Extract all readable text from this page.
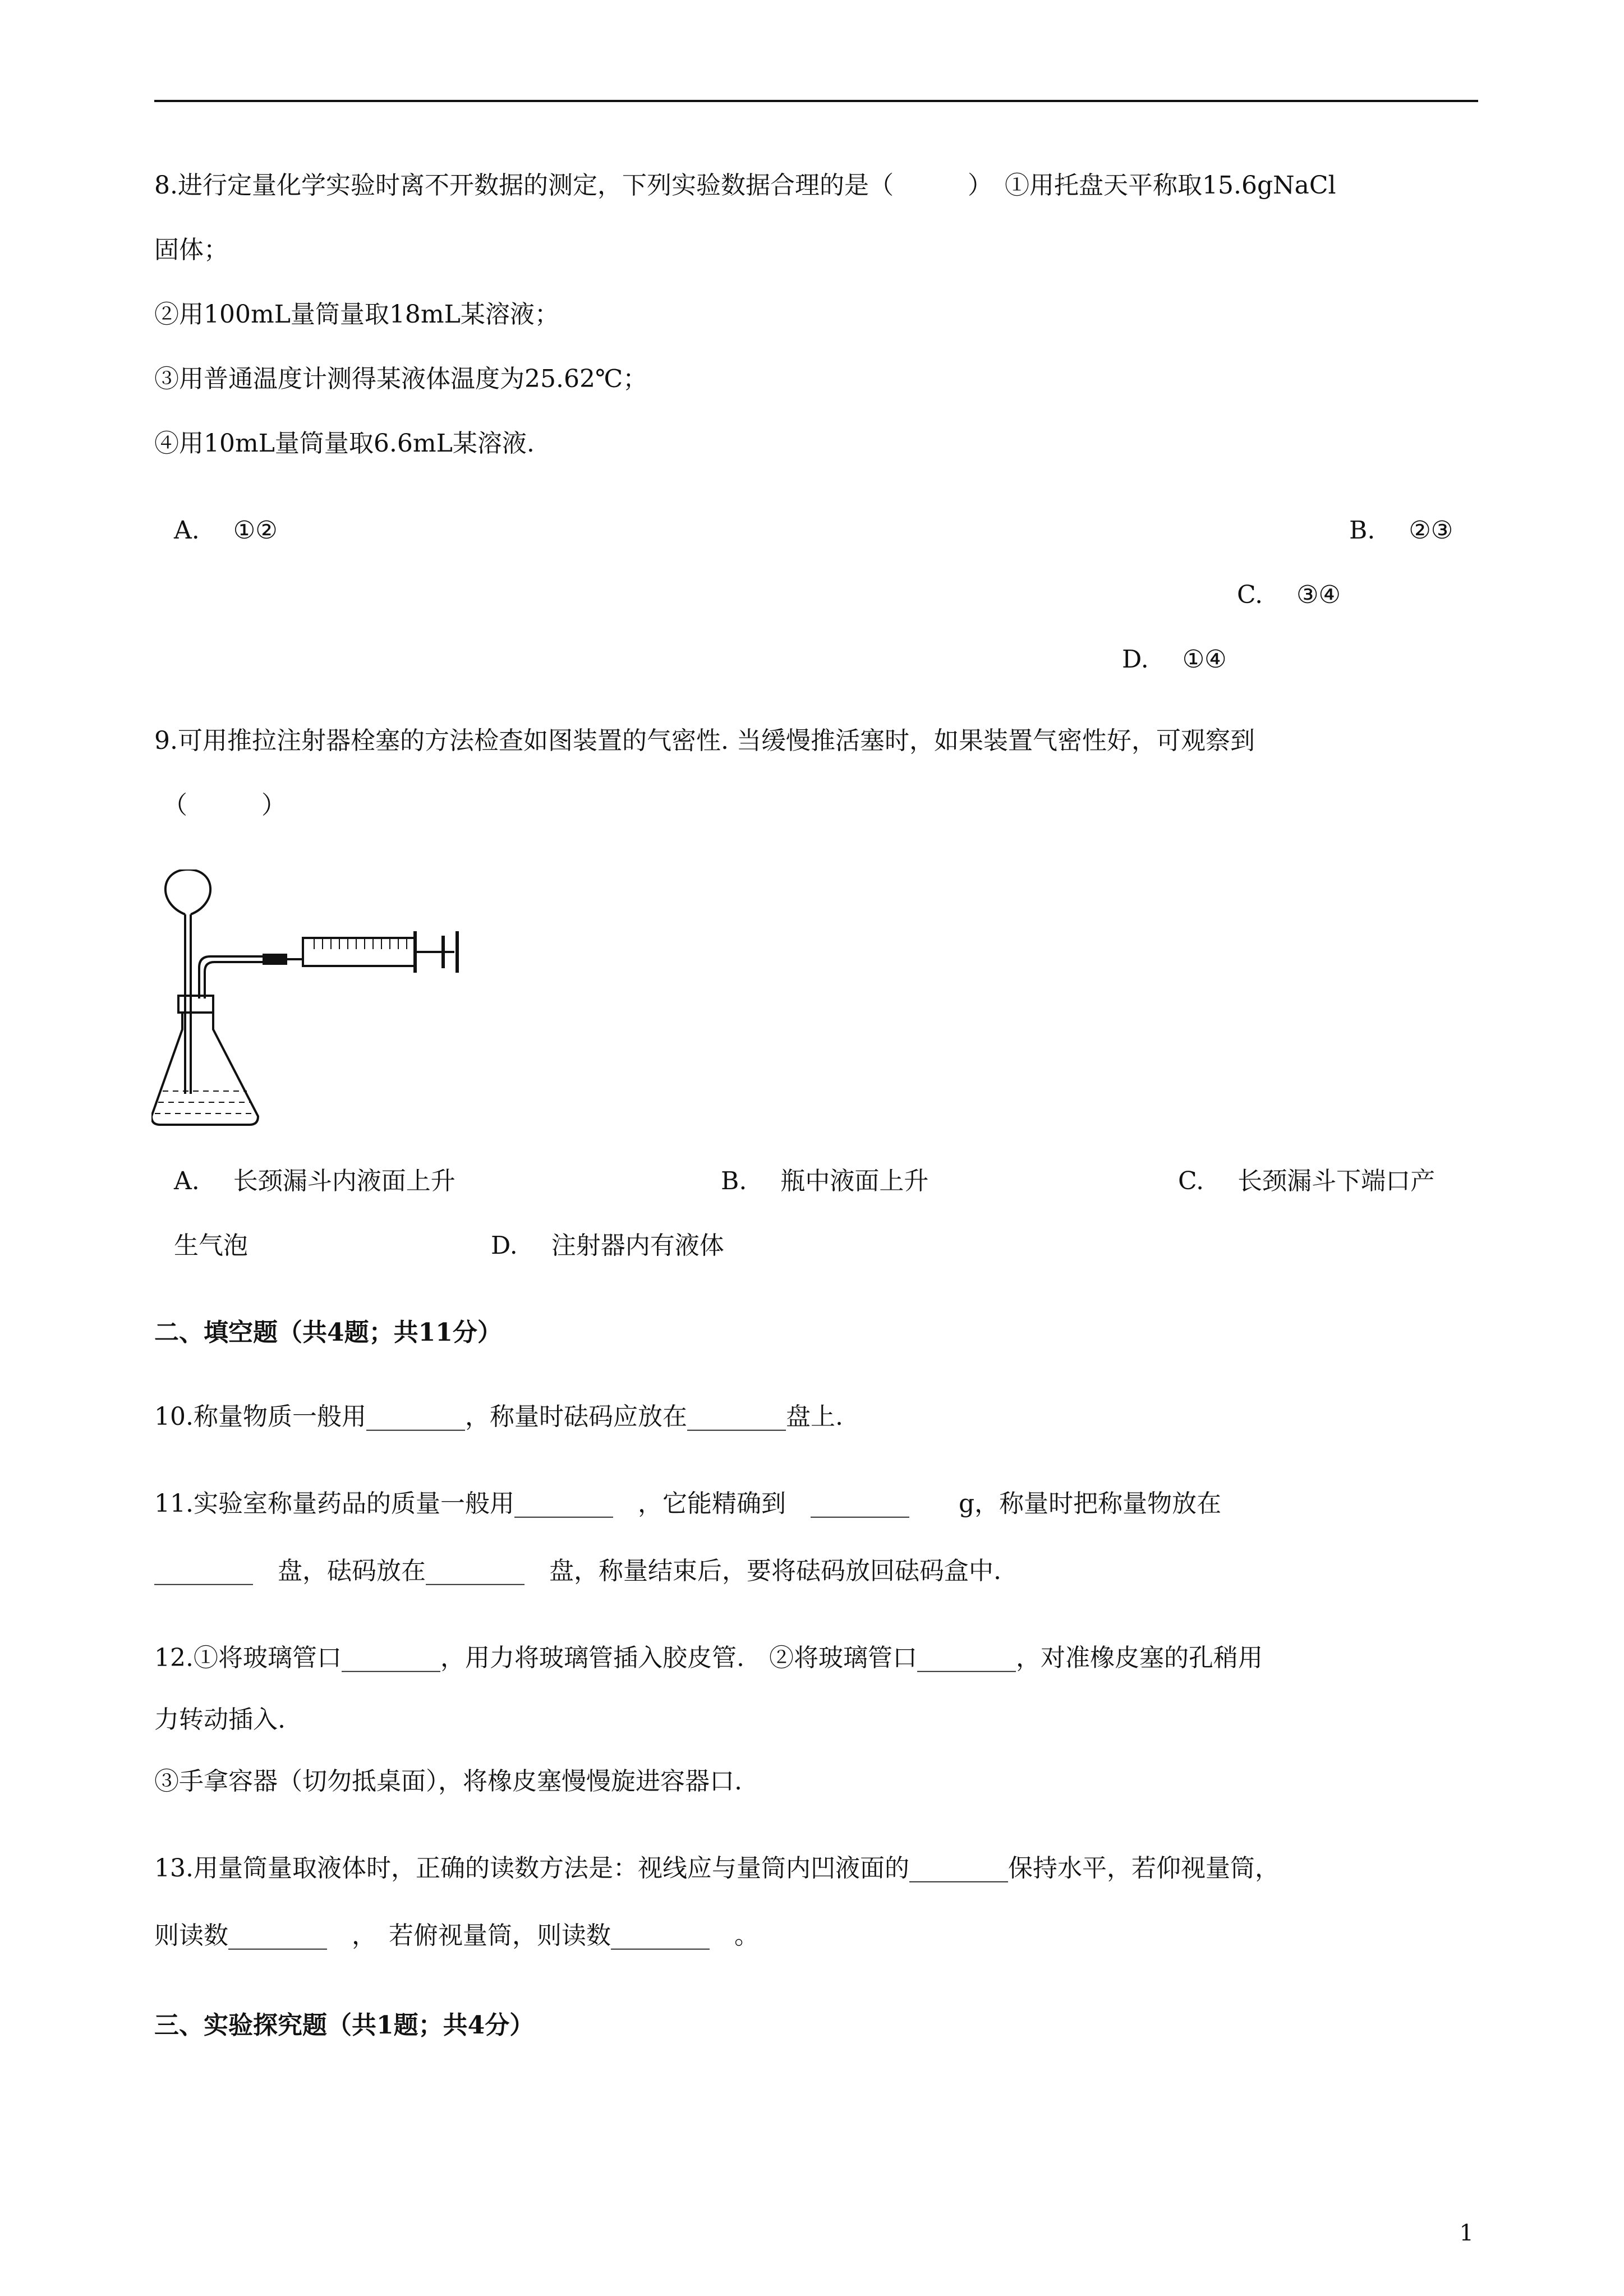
8.进行定量化学实验时离不开数据的测定，下列实验数据合理的是（　　　）　①用托盘天平称取15.6gNaCl
固体；
②用100mL量筒量取18mL某溶液；
③用普通温度计测得某液体温度为25.62℃；
④用10mL量筒量取6.6mL某溶液.
A. ①②	B. ②③
C. ③④
D. ①④
9.可用推拉注射器栓塞的方法检查如图装置的气密性. 当缓慢推活塞时，如果装置气密性好，可观察到
（　　　）
A. 长颈漏斗内液面上升	B. 瓶中液面上升	C. 长颈漏斗下端口产
生气泡	D. 注射器内有液体
二、填空题（共4题；共11分）
10.称量物质一般用________，称量时砝码应放在________盘上.
11.实验室称量药品的质量一般用________　，它能精确到　________　　g，称量时把称量物放在
________　盘，砝码放在________　盘，称量结束后，要将砝码放回砝码盒中.
12.①将玻璃管口________，用力将玻璃管插入胶皮管.　②将玻璃管口________，对准橡皮塞的孔稍用
力转动插入.
③手拿容器（切勿抵桌面），将橡皮塞慢慢旋进容器口.
13.用量筒量取液体时，正确的读数方法是：视线应与量筒内凹液面的________保持水平，若仰视量筒，
则读数________　，　若俯视量筒，则读数________　。
三、实验探究题（共1题；共4分）
1
